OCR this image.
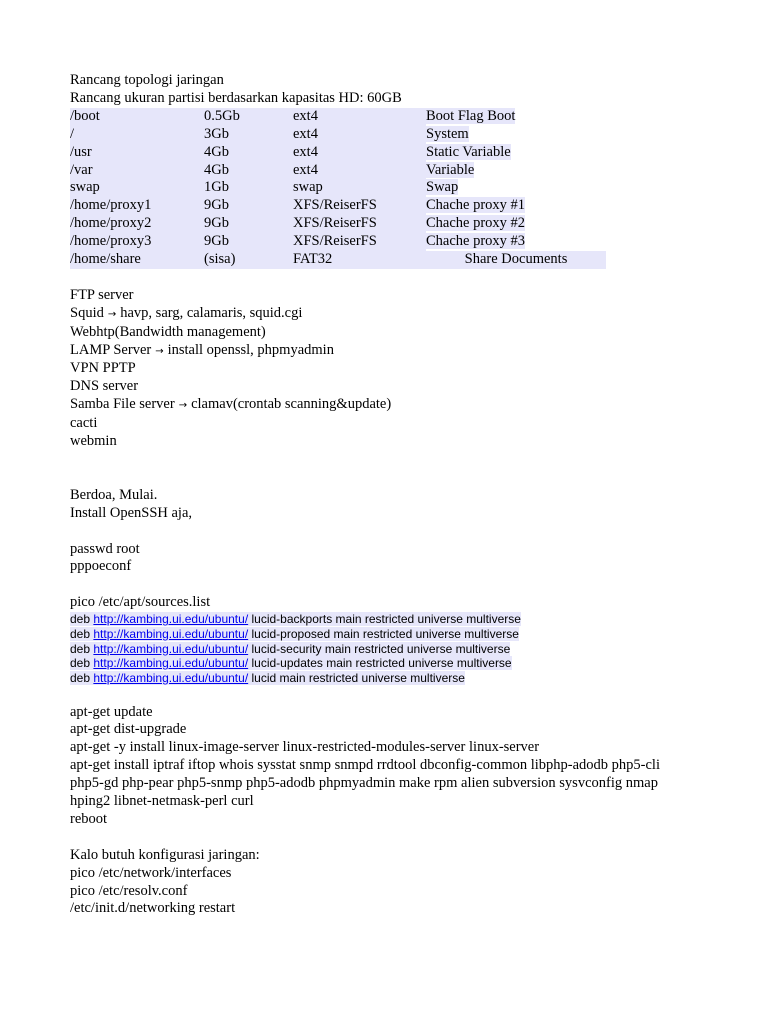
Rancang topologi jaringan
Rancang ukuran partisi berdasarkan kapasitas HD: 60GB
/boot	0.5Gb	ext4	Boot Flag Boot
/	3Gb	ext4	System
/usr	4Gb	ext4	Static Variable
/var	4Gb	ext4	Variable
swap	1Gb	swap	Swap
/home/proxy1	9Gb	XFS/ReiserFS	Chache proxy #1
/home/proxy2	9Gb	XFS/ReiserFS	Chache proxy #2
/home/proxy3	9Gb	XFS/ReiserFS	Chache proxy #3
/home/share	(sisa)	FAT32	Share Documents
FTP server
Squid → havp, sarg, calamaris, squid.cgi
Webhtp(Bandwidth management)
LAMP Server → install openssl, phpmyadmin
VPN PPTP
DNS server
Samba File server → clamav(crontab scanning&update)
cacti
webmin
Berdoa, Mulai.
Install OpenSSH aja,
passwd root
pppoeconf
pico /etc/apt/sources.list
deb http://kambing.ui.edu/ubuntu/ lucid-backports main restricted universe multiverse
deb http://kambing.ui.edu/ubuntu/ lucid-proposed main restricted universe multiverse
deb http://kambing.ui.edu/ubuntu/ lucid-security main restricted universe multiverse
deb http://kambing.ui.edu/ubuntu/ lucid-updates main restricted universe multiverse
deb http://kambing.ui.edu/ubuntu/ lucid main restricted universe multiverse
apt-get update
apt-get dist-upgrade
apt-get -y install linux-image-server linux-restricted-modules-server linux-server
apt-get install iptraf iftop whois sysstat snmp snmpd rrdtool dbconfig-common libphp-adodb php5-cli
php5-gd php-pear php5-snmp php5-adodb phpmyadmin make rpm alien subversion sysvconfig nmap
hping2 libnet-netmask-perl curl
reboot
Kalo butuh konfigurasi jaringan:
pico /etc/network/interfaces
pico /etc/resolv.conf
/etc/init.d/networking restart
